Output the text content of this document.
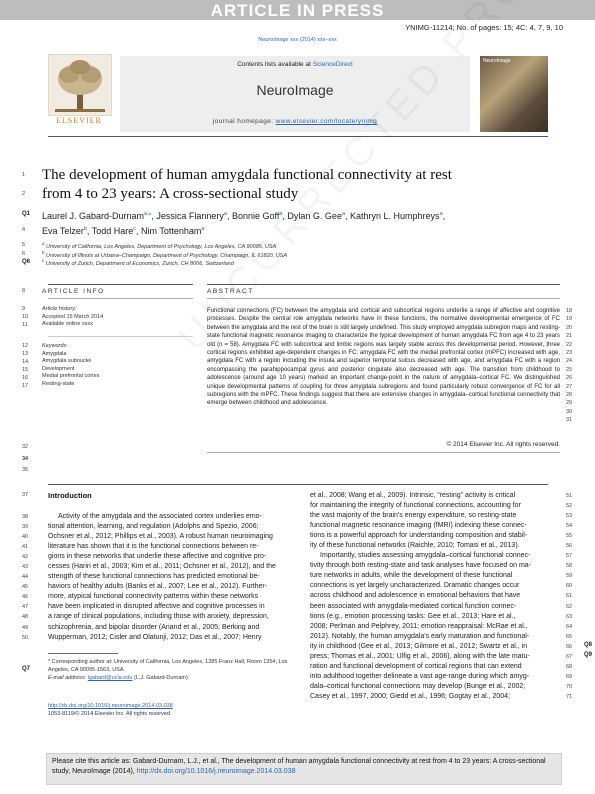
ARTICLE IN PRESS
YNIMG-11214; No. of pages: 15; 4C: 4, 7, 9, 10
NeuroImage xxx (2014) xxx–xxx
ELSEVIER
Contents lists available at ScienceDirect
NeuroImage
journal homepage: www.elsevier.com/locate/ynimg
NeuroImage
1
2
The development of human amygdala functional connectivity at rest
from 4 to 23 years: A cross-sectional study
Q1
4
Laurel J. Gabard-Durnam$^{a,⁎}$, Jessica Flannery$^a$, Bonnie Goff$^a$, Dylan G. Gee$^a$, Kathryn L. Humphreys$^a$,
Eva Telzer$^b$, Todd Hare$^c$, Nim Tottenham$^a$
5
6
Q6
$^a$ University of California, Los Angeles, Department of Psychology, Los Angeles, CA 90095, USA
$^b$ University of Illinois at Urbana–Champaign, Department of Psychology, Champaign, IL 61820, USA
$^c$ University of Zurich, Department of Economics, Zurich, CH 8006, Switzerland
8	ARTICLE INFO	ABSTRACT
9
10
11
12
13
14
15
16
17
Article history:
Accepted 15 March 2014
Available online xxxx
Keywords:
Amygdala
Amygdala subnuclei
Development
Medial prefrontal cortex
Resting-state
32
34
35
Functional connections (FC) between the amygdala and cortical and subcortical regions underlie a range of affective and cognitive processes. Despite the central role amygdala networks have in these functions, the normative developmental emergence of FC between the amygdala and the rest of the brain is still largely undefined. This study employed amygdala subregion maps and resting-state functional magnetic resonance imaging to characterize the typical development of human amygdala FC from age 4 to 23 years old (n = 58). Amygdala FC with subcortical and limbic regions was largely stable across this developmental period. However, three cortical regions exhibited age-dependent changes in FC: amygdala FC with the medial prefrontal cortex (mPFC) increased with age, amygdala FC with a region including the insula and superior temporal sulcus decreased with age, and amygdala FC with a region encompassing the parahippocampal gyrus and posterior cingulate also decreased with age. The transition from childhood to adolescence (around age 10 years) marked an important change-point in the nature of amygdala–cortical FC. We distinguished unique developmental patterns of coupling for three amygdala subregions and found particularly robust convergence of FC for all subregions with the mPFC. These findings suggest that there are extensive changes in amygdala–cortical functional connectivity that emerge between childhood and adolescence.
18
19
20
21
22
23
24
25
26
27
28
29
30
31
© 2014 Elsevier Inc. All rights reserved.
37	Introduction
38
39
40
41
42
43
44
45
46
47
48
49
50
Activity of the amygdala and the associated cortex underlies emo-
tional attention, learning, and regulation (Adolphs and Spezio, 2006;
Ochsner et al., 2012; Phillips et al., 2003). A robust human neuroimaging
literature has shown that it is the functional connections between re-
gions in these networks that underlie these affective and cognitive pro-
cesses (Hariri et al., 2003; Kim et al., 2011; Ochsner et al., 2012), and the
strength of these functional connections has predicted emotional be-
haviors of healthy adults (Banks et al., 2007; Lee et al., 2012). Further-
more, atypical functional connectivity patterns within these networks
have been implicated in disrupted affective and cognitive processes in
a range of clinical populations, including those with anxiety, depression,
schizophrenia, and bipolar disorder (Anand et al., 2005; Berking and
Wupperman, 2012; Cisler and Olatunji, 2012; Das et al., 2007; Henry
et al., 2008; Wang et al., 2009). Intrinsic, “resting” activity is critical
for maintaining the integrity of functional connections, accounting for
the vast majority of the brain's energy expenditure, so resting-state
functional magnetic resonance imaging (fMRI) indexing these connec-
tions is a powerful approach for understanding composition and stabil-
ity of these functional networks (Raichle, 2010; Tomasi et al., 2013).
Importantly, studies assessing amygdala–cortical functional connec-
tivity through both resting-state and task analyses have focused on ma-
ture networks in adults, while the development of these functional
connections is yet largely uncharacterized. Dramatic changes occur
across childhood and adolescence in emotional behaviors that have
been associated with amygdala-mediated cortical function connec-
tions (e.g., emotion processing tasks: Gee et al., 2013; Hare et al.,
2008; Perlman and Pelphrey, 2011; emotion reappraisal: McRae et al.,
2012). Notably, the human amygdala's early maturation and functional-
ity in childhood (Gee et al., 2013; Gilmore et al., 2012; Swartz et al., in
press; Thomas et al., 2001; Ulfig et al., 2006), along with the late matu-
ration and functional development of cortical regions that can extend
into adulthood together delineate a vast age-range during which amyg-
dala–cortical functional connections may develop (Bunge et al., 2002;
Casey et al., 1997, 2000; Giedd et al., 1996; Gogtay et al., 2004;
51
52
53
54
55
56
57
58
59
60
61
62
63
64
65
66
67
68
69
70
71
Q8
Q9
Q7
* Corresponding author at: University of California, Los Angeles, 1285 Franz Hall, Room 1354, Los Angeles, CA 90095-1563, USA.
E-mail address: lgabard@ucla.edu (L.J. Gabard-Durnam).
http://dx.doi.org/10.1016/j.neuroimage.2014.03.038
1053-8119/© 2014 Elsevier Inc. All rights reserved.
Please cite this article as: Gabard-Durnam, L.J., et al., The development of human amygdala functional connectivity at rest from 4 to 23 years: A cross-sectional study, NeuroImage (2014), http://dx.doi.org/10.1016/j.neuroimage.2014.03.038
